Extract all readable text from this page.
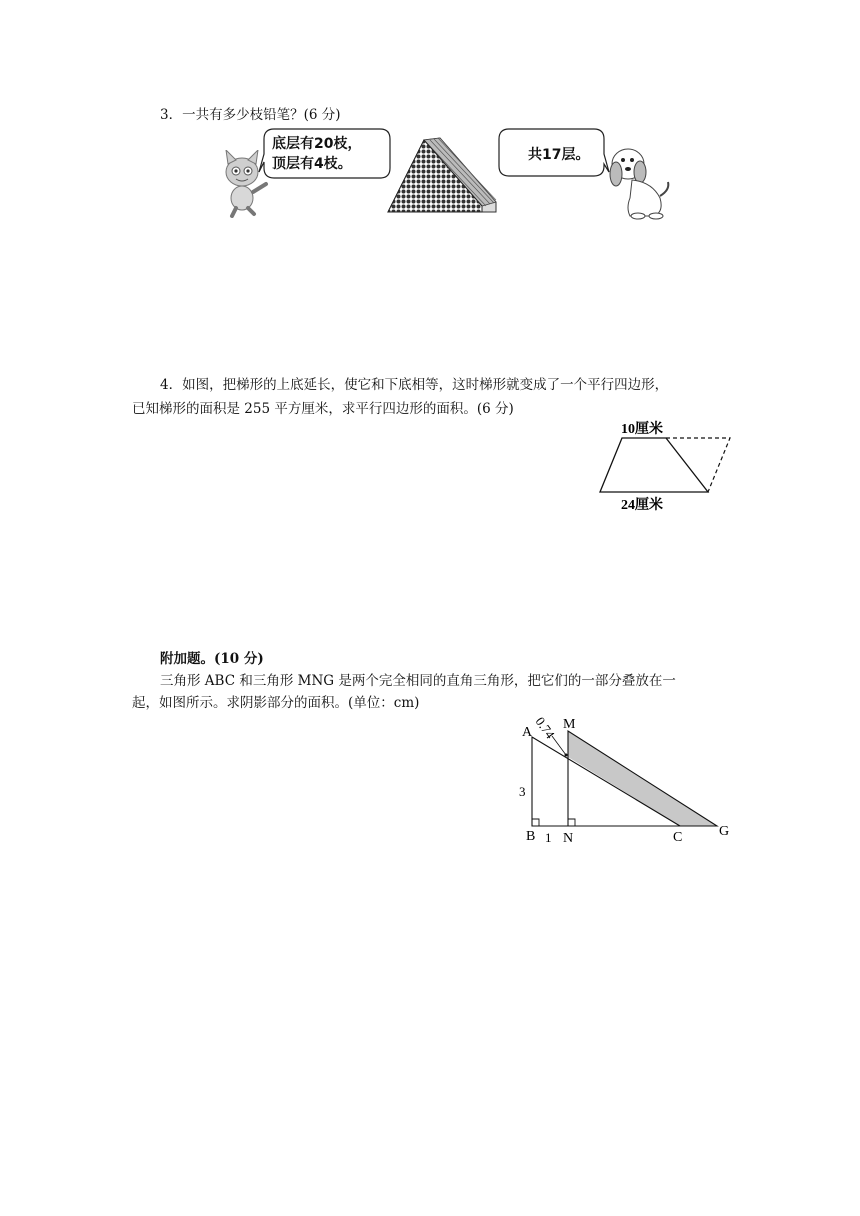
3．一共有多少枝铅笔？(6 分)
底层有20枝，
顶层有4枝。
共17层。
4．如图，把梯形的上底延长，使它和下底相等，这时梯形就变成了一个平行四边形，
已知梯形的面积是 255 平方厘米，求平行四边形的面积。(6 分)
10厘米
24厘米
附加题。(10 分)
三角形 ABC 和三角形 MNG 是两个完全相同的直角三角形，把它们的一部分叠放在一
起，如图所示。求阴影部分的面积。(单位：cm)
0.74
A
M
3
B 1 N	C	G
